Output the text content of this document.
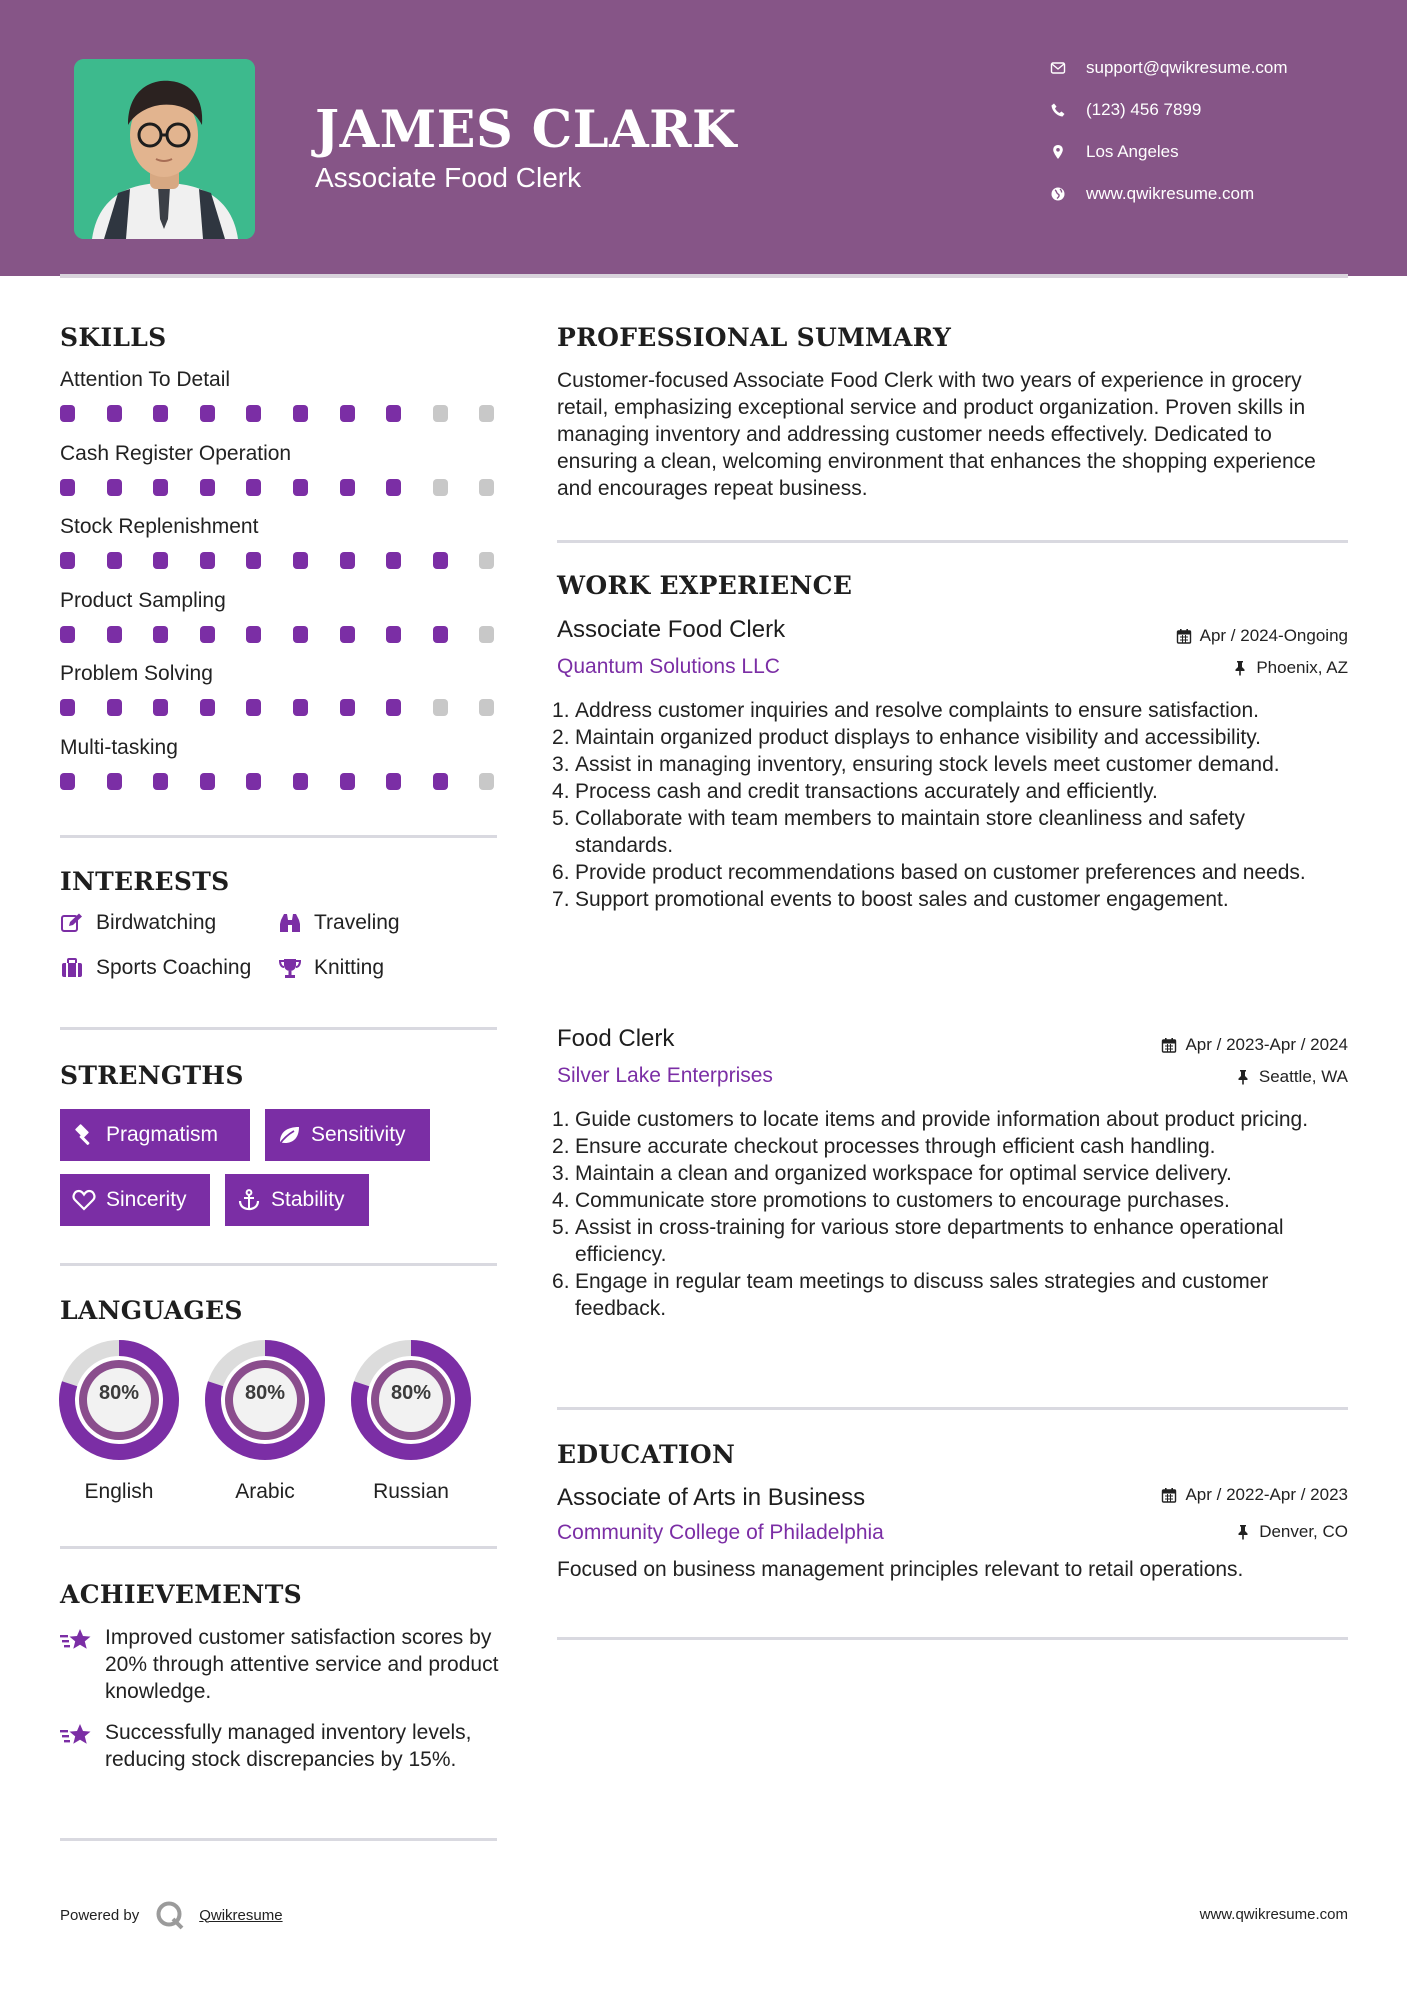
JAMES CLARK
Associate Food Clerk
support@qwikresume.com
(123) 456 7899
Los Angeles
www.qwikresume.com
SKILLS
Attention To Detail
Cash Register Operation
Stock Replenishment
Product Sampling
Problem Solving
Multi-tasking
INTERESTS
Birdwatching	Traveling
Sports Coaching	Knitting
STRENGTHS
Pragmatism	Sensitivity
Sincerity	Stability
LANGUAGES
80%
English
80%
Arabic
80%
Russian
ACHIEVEMENTS

Improved customer satisfaction scores by 20% through attentive service and product knowledge.

Successfully managed inventory levels, reducing stock discrepancies by 15%.

PROFESSIONAL SUMMARY
Customer-focused Associate Food Clerk with two years of experience in grocery retail, emphasizing exceptional service and product organization. Proven skills in managing inventory and addressing customer needs effectively. Dedicated to ensuring a clean, welcoming environment that enhances the shopping experience and encourages repeat business.
WORK EXPERIENCE
Associate Food Clerk	Apr / 2024-Ongoing
Quantum Solutions LLC	Phoenix, AZ
Address customer inquiries and resolve complaints to ensure satisfaction.
Maintain organized product displays to enhance visibility and accessibility.
Assist in managing inventory, ensuring stock levels meet customer demand.
Process cash and credit transactions accurately and efficiently.
Collaborate with team members to maintain store cleanliness and safety standards.
Provide product recommendations based on customer preferences and needs.
Support promotional events to boost sales and customer engagement.
Food Clerk	Apr / 2023-Apr / 2024
Silver Lake Enterprises	Seattle, WA
Guide customers to locate items and provide information about product pricing.
Ensure accurate checkout processes through efficient cash handling.
Maintain a clean and organized workspace for optimal service delivery.
Communicate store promotions to customers to encourage purchases.
Assist in cross-training for various store departments to enhance operational efficiency.
Engage in regular team meetings to discuss sales strategies and customer feedback.
EDUCATION
Associate of Arts in Business	Apr / 2022-Apr / 2023
Community College of Philadelphia	Denver, CO
Focused on business management principles relevant to retail operations.
Powered by	Qwikresume	www.qwikresume.com
